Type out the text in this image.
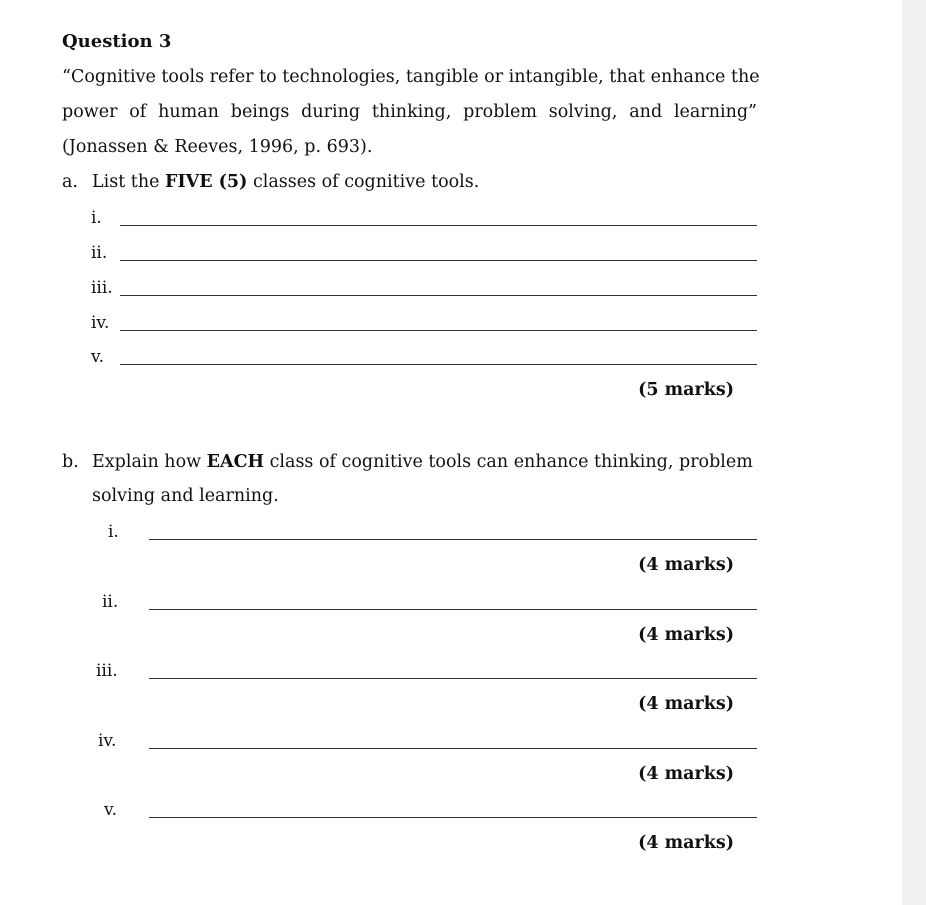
Question 3
“Cognitive tools refer to technologies, tangible or intangible, that enhance the
power of human beings during thinking, problem solving, and learning”
(Jonassen & Reeves, 1996, p. 693).
a. List the FIVE (5) classes of cognitive tools.
i.
ii.
iii.
iv.
v.
(5 marks)
b. Explain how EACH class of cognitive tools can enhance thinking, problem
solving and learning.
i.
(4 marks)
ii.
(4 marks)
iii.
(4 marks)
iv.
(4 marks)
v.
(4 marks)
